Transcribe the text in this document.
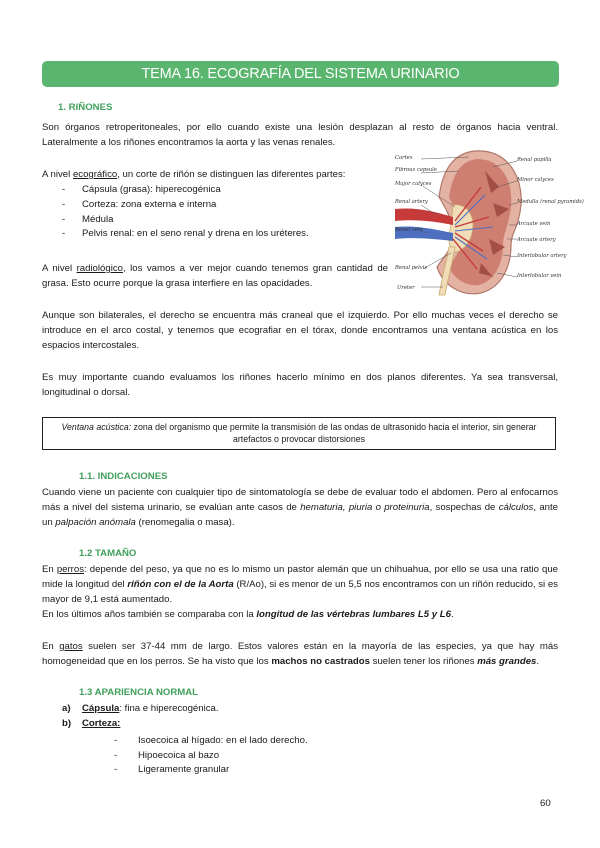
TEMA 16. ECOGRAFÍA DEL SISTEMA URINARIO
1. RIÑONES

Son órganos retroperitoneales, por ello cuando existe una lesión desplazan al resto de órganos hacia ventral. Lateralmente a los riñones encontramos la aorta y las venas renales.

A nivel ecográfico, un corte de riñón se distinguen las diferentes partes:

- Cápsula (grasa): hiperecogénica
- Corteza: zona externa e interna
- Médula
- Pelvis renal: en el seno renal y drena en los uréteres.

A nivel radiológico, los vamos a ver mejor cuando tenemos gran cantidad de grasa. Esto ocurre porque la grasa interfiere en las opacidades.

Cortex
Fibrous capsule
Major calyces
Renal artery
Renal vein
Renal pelvis
Ureter
Renal papilla
Minor calyces
Medulla (renal pyramids)
Arcuate vein
Arcuate artery
Interlobular artery
Interlobular vein

Aunque son bilaterales, el derecho se encuentra más craneal que el izquierdo. Por ello muchas veces el derecho se introduce en el arco costal, y tenemos que ecografiar en el tórax, donde encontramos una ventana acústica en los espacios intercostales.

Es muy importante cuando evaluamos los riñones hacerlo mínimo en dos planos diferentes. Ya sea transversal, longitudinal o dorsal.

Ventana acústica: zona del organismo que permite la transmisión de las ondas de ultrasonido hacia el interior, sin generar artefactos o provocar distorsiones
1.1. INDICACIONES

Cuando viene un paciente con cualquier tipo de sintomatología se debe de evaluar todo el abdomen. Pero al enfocarnos más a nivel del sistema urinario, se evalúan ante casos de hematuria, piuria o proteinuria, sospechas de cálculos, ante un palpación anómala (renomegalia o masa).

1.2 TAMAÑO

En perros: depende del peso, ya que no es lo mismo un pastor alemán que un chihuahua, por ello se usa una ratio que mide la longitud del riñón con el de la Aorta (R/Ao), si es menor de un 5,5 nos encontramos con un riñón reducido, si es mayor de 9,1 está aumentado.

En los últimos años también se comparaba con la longitud de las vértebras lumbares L5 y L6.

En gatos suelen ser 37-44 mm de largo. Estos valores están en la mayoría de las especies, ya que hay más homogeneidad que en los perros. Se ha visto que los machos no castrados suelen tener los riñones más grandes.

1.3 APARIENCIA NORMAL
a) Cápsula: fina e hiperecogénica.
b) Corteza:
- Isoecoica al hígado: en el lado derecho.
- Hipoecoica al bazo
- Ligeramente granular
60
